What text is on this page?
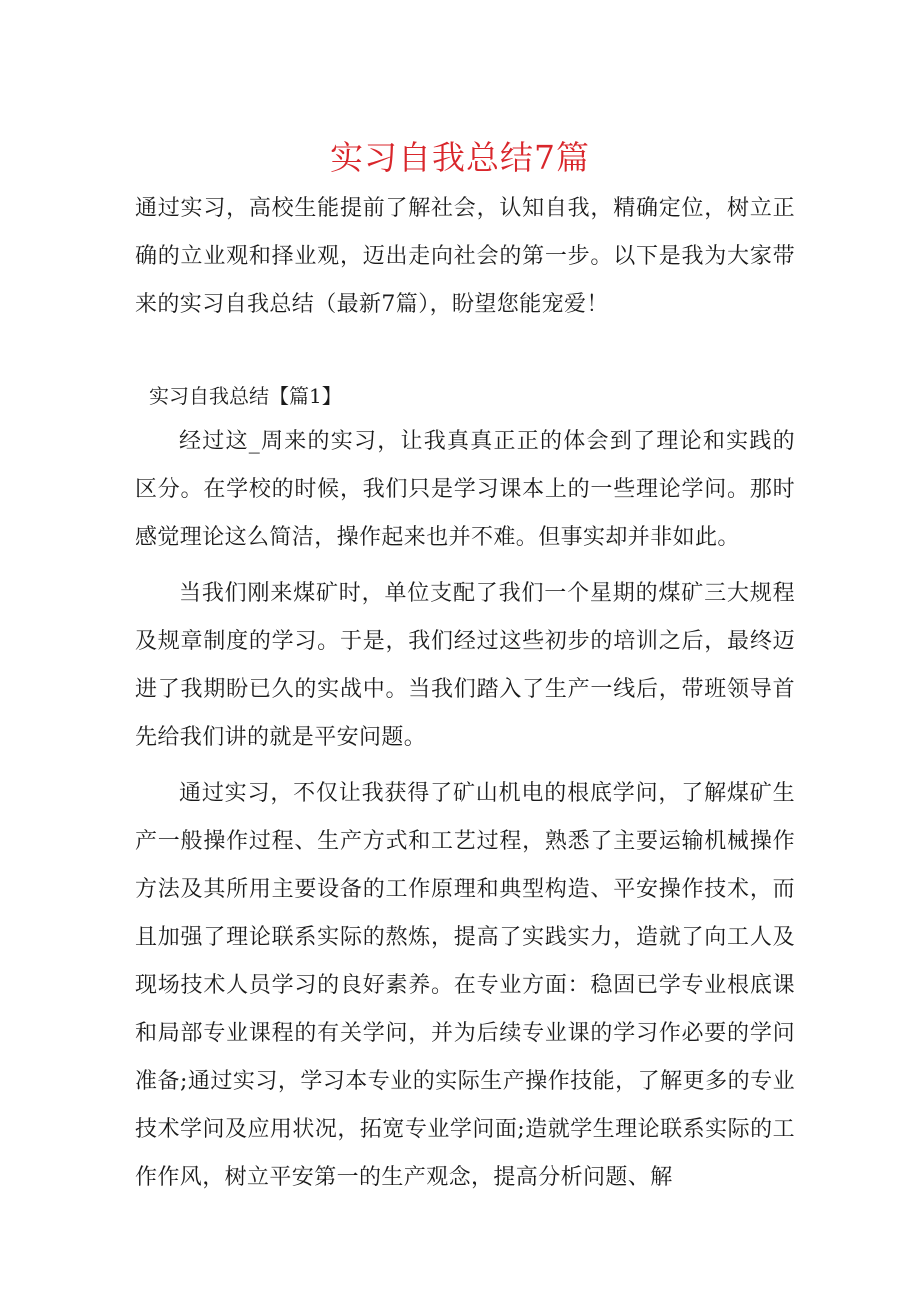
实习自我总结7篇

通过实习，高校生能提前了解社会，认知自我，精确定位，树立正确的立业观和择业观，迈出走向社会的第一步。以下是我为大家带来的实习自我总结（最新7篇），盼望您能宠爱！

实习自我总结【篇1】

经过这_周来的实习，让我真真正正的体会到了理论和实践的区分。在学校的时候，我们只是学习课本上的一些理论学问。那时感觉理论这么简洁，操作起来也并不难。但事实却并非如此。

当我们刚来煤矿时，单位支配了我们一个星期的煤矿三大规程及规章制度的学习。于是，我们经过这些初步的培训之后，最终迈进了我期盼已久的实战中。当我们踏入了生产一线后，带班领导首先给我们讲的就是平安问题。

通过实习，不仅让我获得了矿山机电的根底学问，了解煤矿生产一般操作过程、生产方式和工艺过程，熟悉了主要运输机械操作方法及其所用主要设备的工作原理和典型构造、平安操作技术，而且加强了理论联系实际的熬炼，提高了实践实力，造就了向工人及现场技术人员学习的良好素养。在专业方面：稳固已学专业根底课和局部专业课程的有关学问，并为后续专业课的学习作必要的学问准备;通过实习，学习本专业的实际生产操作技能，了解更多的专业技术学问及应用状况，拓宽专业学问面;造就学生理论联系实际的工作作风，树立平安第一的生产观念，提高分析问题、解
